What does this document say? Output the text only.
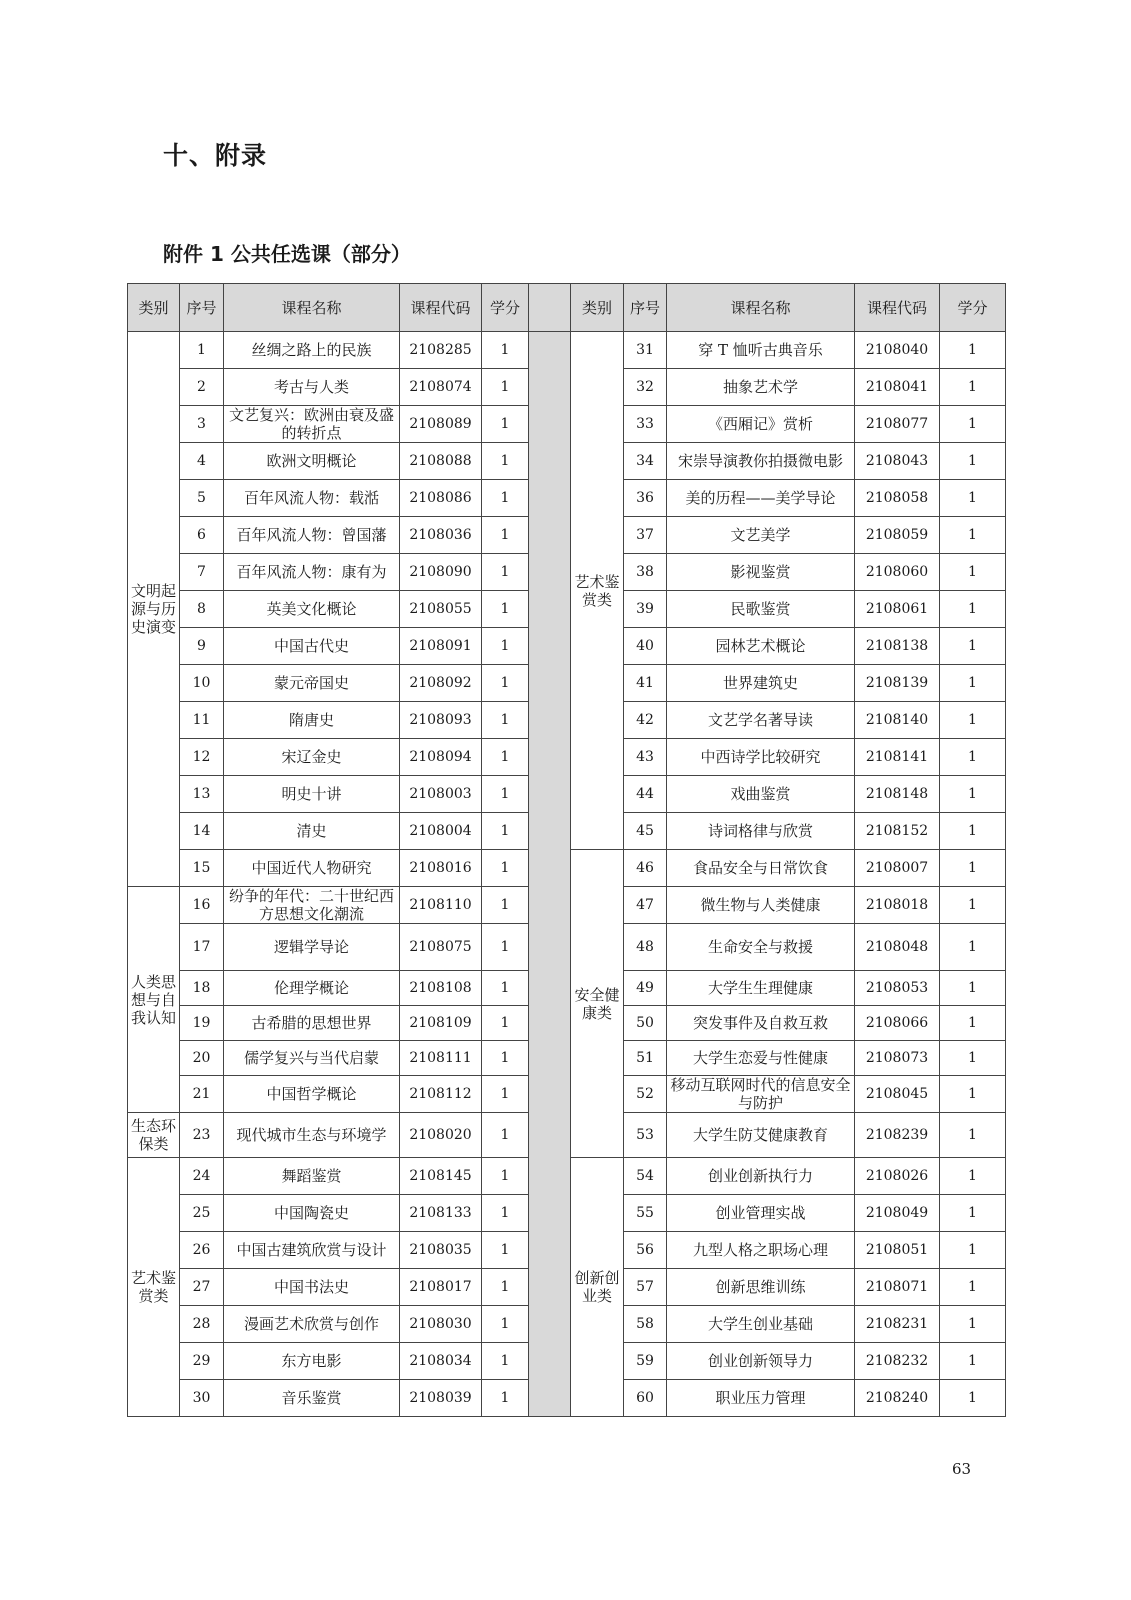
十、附录
附件 1 公共任选课（部分）
类别	序号	课程名称	课程代码	学分		类别	序号	课程名称	课程代码	学分
文明起源与历史演变	1	丝绸之路上的民族	2108285	1		艺术鉴赏类	31	穿 T 恤听古典音乐	2108040	1
	2	考古与人类	2108074	1			32	抽象艺术学	2108041	1
	3	文艺复兴：欧洲由衰及盛的转折点	2108089	1			33	《西厢记》赏析	2108077	1
	4	欧洲文明概论	2108088	1			34	宋崇导演教你拍摄微电影	2108043	1
	5	百年风流人物：载湉	2108086	1			36	美的历程——美学导论	2108058	1
	6	百年风流人物：曾国藩	2108036	1			37	文艺美学	2108059	1
	7	百年风流人物：康有为	2108090	1			38	影视鉴赏	2108060	1
	8	英美文化概论	2108055	1			39	民歌鉴赏	2108061	1
	9	中国古代史	2108091	1			40	园林艺术概论	2108138	1
	10	蒙元帝国史	2108092	1			41	世界建筑史	2108139	1
	11	隋唐史	2108093	1			42	文艺学名著导读	2108140	1
	12	宋辽金史	2108094	1			43	中西诗学比较研究	2108141	1
	13	明史十讲	2108003	1			44	戏曲鉴赏	2108148	1
	14	清史	2108004	1			45	诗词格律与欣赏	2108152	1
	15	中国近代人物研究	2108016	1		安全健康类	46	食品安全与日常饮食	2108007	1
人类思想与自我认知	16	纷争的年代：二十世纪西方思想文化潮流	2108110	1			47	微生物与人类健康	2108018	1
	17	逻辑学导论	2108075	1			48	生命安全与救援	2108048	1
	18	伦理学概论	2108108	1			49	大学生生理健康	2108053	1
	19	古希腊的思想世界	2108109	1			50	突发事件及自救互救	2108066	1
	20	儒学复兴与当代启蒙	2108111	1			51	大学生恋爱与性健康	2108073	1
	21	中国哲学概论	2108112	1			52	移动互联网时代的信息安全与防护	2108045	1
生态环保类	23	现代城市生态与环境学	2108020	1			53	大学生防艾健康教育	2108239	1
艺术鉴赏类	24	舞蹈鉴赏	2108145	1		创新创业类	54	创业创新执行力	2108026	1
	25	中国陶瓷史	2108133	1			55	创业管理实战	2108049	1
	26	中国古建筑欣赏与设计	2108035	1			56	九型人格之职场心理	2108051	1
	27	中国书法史	2108017	1			57	创新思维训练	2108071	1
	28	漫画艺术欣赏与创作	2108030	1			58	大学生创业基础	2108231	1
	29	东方电影	2108034	1			59	创业创新领导力	2108232	1
	30	音乐鉴赏	2108039	1			60	职业压力管理	2108240	1
63
